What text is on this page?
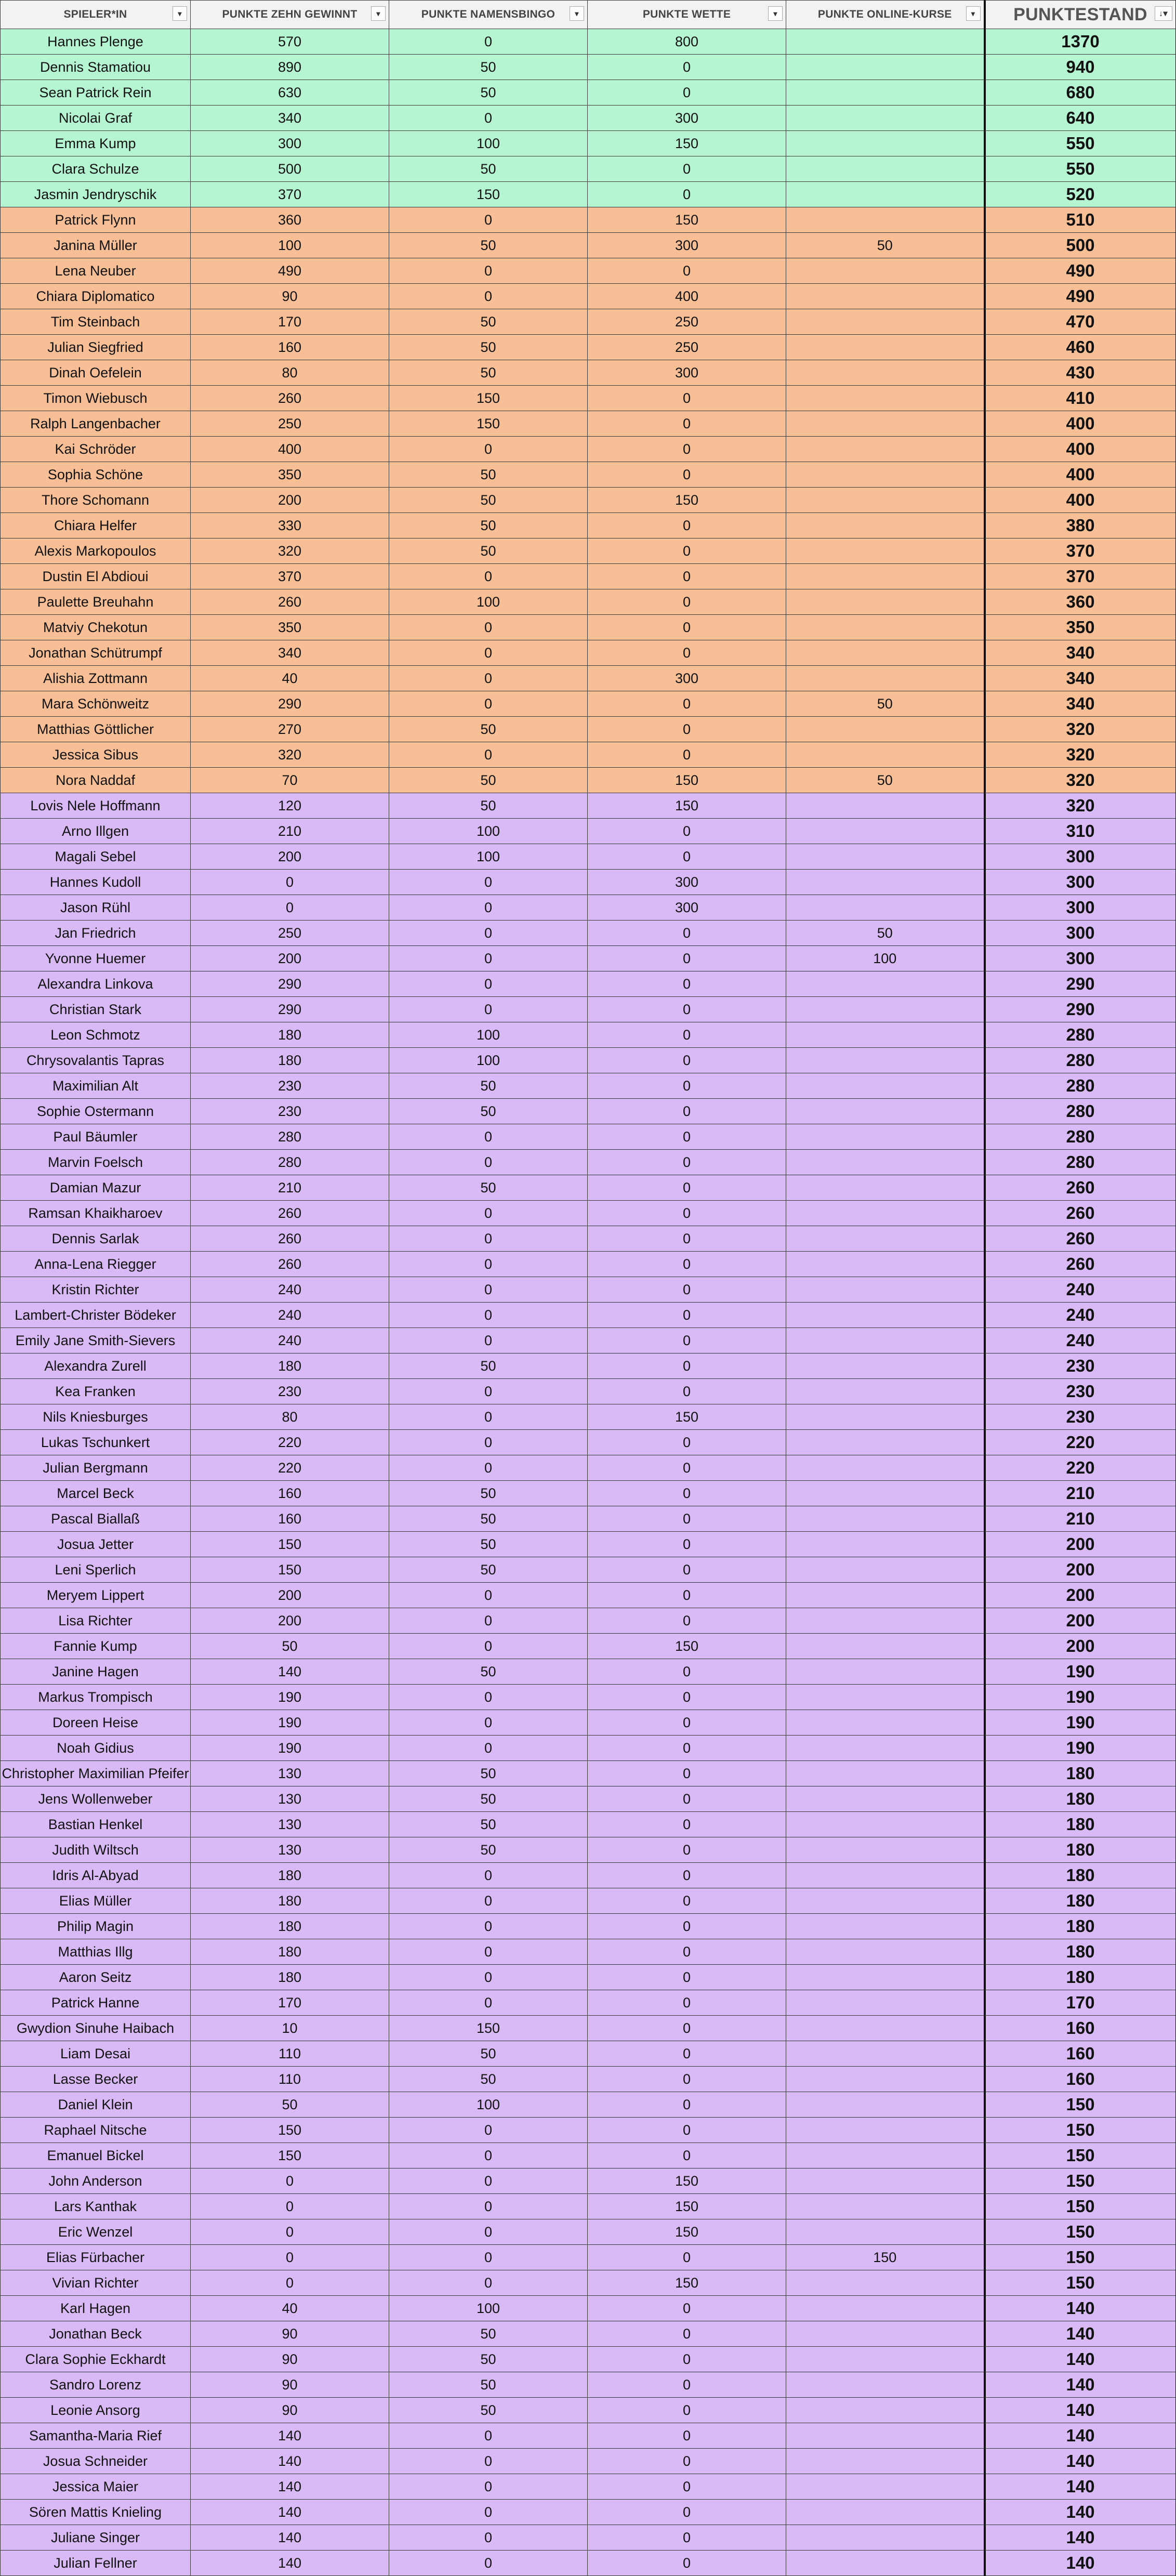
SPIELER*IN ▾	PUNKTE ZEHN GEWINNT ▾	PUNKTE NAMENSBINGO ▾	PUNKTE WETTE ▾	PUNKTE ONLINE-KURSE ▾	PUNKTESTAND ↓▾

Hannes Plenge	570	0	800		1370
Dennis Stamatiou	890	50	0		940
Sean Patrick Rein	630	50	0		680
Nicolai Graf	340	0	300		640
Emma Kump	300	100	150		550
Clara Schulze	500	50	0		550
Jasmin Jendryschik	370	150	0		520
Patrick Flynn	360	0	150		510
Janina Müller	100	50	300	50	500
Lena Neuber	490	0	0		490
Chiara Diplomatico	90	0	400		490
Tim Steinbach	170	50	250		470
Julian Siegfried	160	50	250		460
Dinah Oefelein	80	50	300		430
Timon Wiebusch	260	150	0		410
Ralph Langenbacher	250	150	0		400
Kai Schröder	400	0	0		400
Sophia Schöne	350	50	0		400
Thore Schomann	200	50	150		400
Chiara Helfer	330	50	0		380
Alexis Markopoulos	320	50	0		370
Dustin El Abdioui	370	0	0		370
Paulette Breuhahn	260	100	0		360
Matviy Chekotun	350	0	0		350
Jonathan Schütrumpf	340	0	0		340
Alishia Zottmann	40	0	300		340
Mara Schönweitz	290	0	0	50	340
Matthias Göttlicher	270	50	0		320
Jessica Sibus	320	0	0		320
Nora Naddaf	70	50	150	50	320
Lovis Nele Hoffmann	120	50	150		320
Arno Illgen	210	100	0		310
Magali Sebel	200	100	0		300
Hannes Kudoll	0	0	300		300
Jason Rühl	0	0	300		300
Jan Friedrich	250	0	0	50	300
Yvonne Huemer	200	0	0	100	300
Alexandra Linkova	290	0	0		290
Christian Stark	290	0	0		290
Leon Schmotz	180	100	0		280
Chrysovalantis Tapras	180	100	0		280
Maximilian Alt	230	50	0		280
Sophie Ostermann	230	50	0		280
Paul Bäumler	280	0	0		280
Marvin Foelsch	280	0	0		280
Damian Mazur	210	50	0		260
Ramsan Khaikharoev	260	0	0		260
Dennis Sarlak	260	0	0		260
Anna-Lena Riegger	260	0	0		260
Kristin Richter	240	0	0		240
Lambert-Christer Bödeker	240	0	0		240
Emily Jane Smith-Sievers	240	0	0		240
Alexandra Zurell	180	50	0		230
Kea Franken	230	0	0		230
Nils Kniesburges	80	0	150		230
Lukas Tschunkert	220	0	0		220
Julian Bergmann	220	0	0		220
Marcel Beck	160	50	0		210
Pascal Biallaß	160	50	0		210
Josua Jetter	150	50	0		200
Leni Sperlich	150	50	0		200
Meryem Lippert	200	0	0		200
Lisa Richter	200	0	0		200
Fannie Kump	50	0	150		200
Janine Hagen	140	50	0		190
Markus Trompisch	190	0	0		190
Doreen Heise	190	0	0		190
Noah Gidius	190	0	0		190
Christopher Maximilian Pfeifer	130	50	0		180
Jens Wollenweber	130	50	0		180
Bastian Henkel	130	50	0		180
Judith Wiltsch	130	50	0		180
Idris Al-Abyad	180	0	0		180
Elias Müller	180	0	0		180
Philip Magin	180	0	0		180
Matthias Illg	180	0	0		180
Aaron Seitz	180	0	0		180
Patrick Hanne	170	0	0		170
Gwydion Sinuhe Haibach	10	150	0		160
Liam Desai	110	50	0		160
Lasse Becker	110	50	0		160
Daniel Klein	50	100	0		150
Raphael Nitsche	150	0	0		150
Emanuel Bickel	150	0	0		150
John Anderson	0	0	150		150
Lars Kanthak	0	0	150		150
Eric Wenzel	0	0	150		150
Elias Fürbacher	0	0	0	150	150
Vivian Richter	0	0	150		150
Karl Hagen	40	100	0		140
Jonathan Beck	90	50	0		140
Clara Sophie Eckhardt	90	50	0		140
Sandro Lorenz	90	50	0		140
Leonie Ansorg	90	50	0		140
Samantha-Maria Rief	140	0	0		140
Josua Schneider	140	0	0		140
Jessica Maier	140	0	0		140
Sören Mattis Knieling	140	0	0		140
Juliane Singer	140	0	0		140
Julian Fellner	140	0	0		140
